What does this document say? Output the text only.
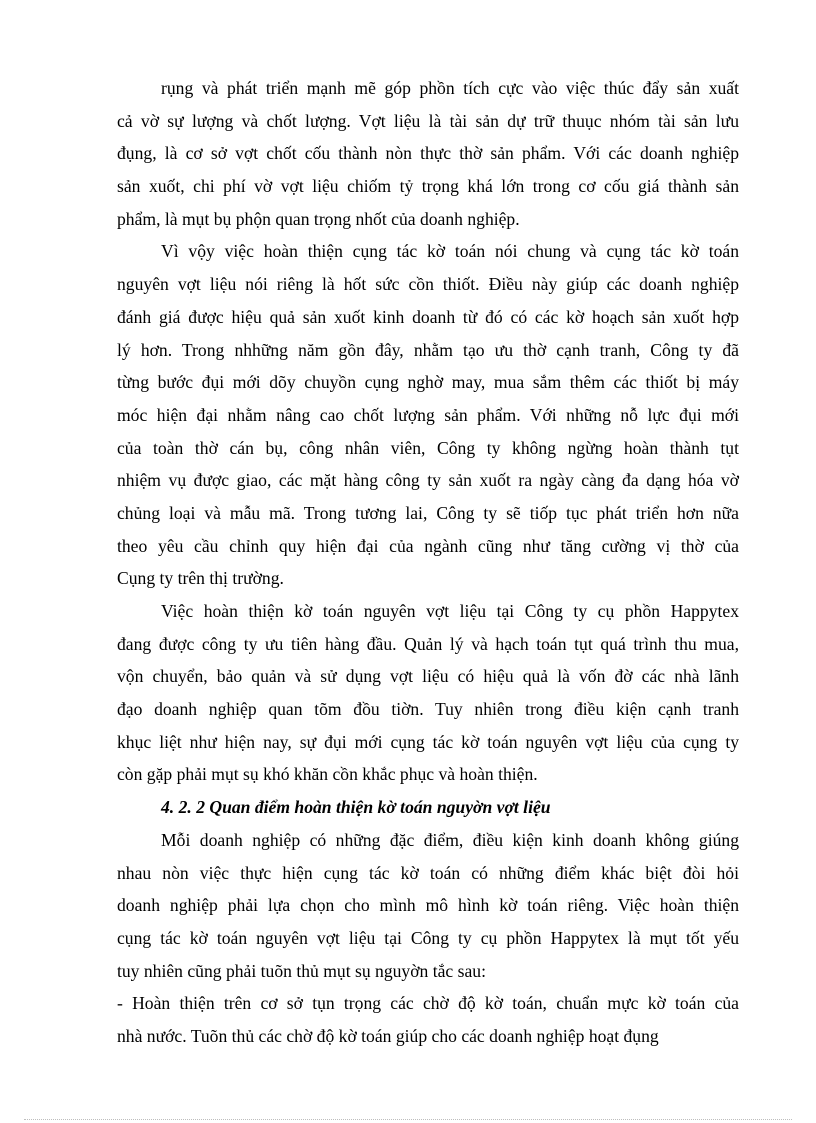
rụng và phát triển mạnh mẽ góp phồn tích cực vào việc thúc đẩy sản xuất
cả vờ sự lượng và chốt lượng. Vợt liệu là tài sản dự trữ thuục nhóm tài sản lưu
đụng, là cơ sở vợt chốt cốu thành nòn thực thờ sản phẩm. Với các doanh nghiệp
sản xuốt, chi phí vờ vợt liệu chiốm tỷ trọng khá lớn trong cơ cốu giá thành sản
phẩm, là mụt bụ phộn quan trọng nhốt của doanh nghiệp.
Vì vộy việc hoàn thiện cụng tác kờ toán nói chung và cụng tác kờ toán
nguyên vợt liệu nói riêng là hốt sức cồn thiốt. Điều này giúp các doanh nghiệp
đánh giá được hiệu quả sản xuốt kinh doanh từ đó có các kờ hoạch sản xuốt hợp
lý hơn. Trong nhhững năm gồn đây, nhằm tạo ưu thờ cạnh tranh, Công ty đã
từng bước đụi mới dõy chuyồn cụng nghờ may, mua sắm thêm các thiốt bị máy
móc hiện đại nhằm nâng cao chốt lượng sản phẩm. Với những nỗ lực đụi mới
của toàn thờ cán bụ, công nhân viên, Công ty không ngừng hoàn thành tụt
nhiệm vụ được giao, các mặt hàng công ty sản xuốt ra ngày càng đa dạng hóa vờ
chủng loại và mẫu mã. Trong tương lai, Công ty sẽ tiốp tục phát triển hơn nữa
theo yêu cầu chỉnh quy hiện đại của ngành cũng như tăng cường vị thờ của
Cụng ty trên thị trường.
Việc hoàn thiện kờ toán nguyên vợt liệu tại Công ty cụ phồn Happytex
đang được công ty ưu tiên hàng đầu. Quản lý và hạch toán tụt quá trình thu mua,
vộn chuyển, bảo quản và sử dụng vợt liệu có hiệu quả là vốn đờ các nhà lãnh
đạo doanh nghiệp quan tõm đồu tiờn. Tuy nhiên trong điều kiện cạnh tranh
khục liệt như hiện nay, sự đụi mới cụng tác kờ toán nguyên vợt liệu của cụng ty
còn gặp phải mụt sụ khó khăn cồn khắc phục và hoàn thiện.
4. 2. 2 Quan điểm hoàn thiện kờ toán nguyờn vợt liệu
Mỗi doanh nghiệp có những đặc điểm, điều kiện kinh doanh không giúng
nhau nòn việc thực hiện cụng tác kờ toán có những điểm khác biệt đòi hỏi
doanh nghiệp phải lựa chọn cho mình mô hình kờ toán riêng. Việc hoàn thiện
cụng tác kờ toán nguyên vợt liệu tại Công ty cụ phồn Happytex là mụt tốt yếu
tuy nhiên cũng phải tuõn thủ mụt sụ nguyờn tắc sau:
- Hoàn thiện trên cơ sở tụn trọng các chờ độ kờ toán, chuẩn mực kờ toán của
nhà nước. Tuõn thủ các chờ độ kờ toán giúp cho các doanh nghiệp hoạt đụng
